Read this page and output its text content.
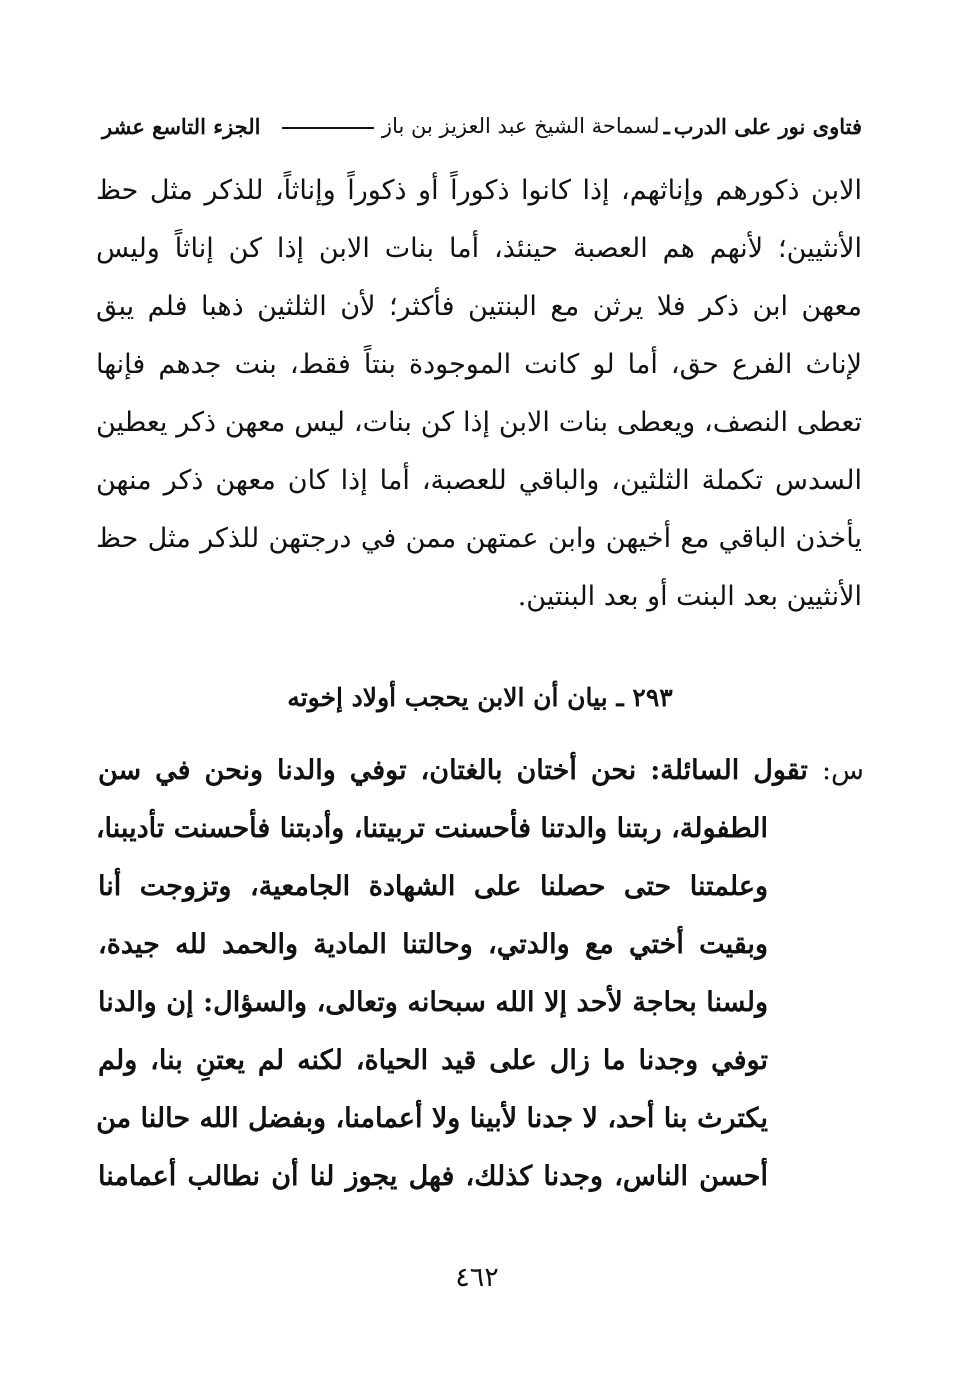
فتاوى نور على الدرب
ـ
لسماحة الشيخ عبد العزيز بن باز
الجزء التاسع عشر
الابن ذكورهم وإناثهم، إذا كانوا ذكوراً أو ذكوراً وإناثاً، للذكر مثل حظ
الأنثيين؛ لأنهم هم العصبة حينئذ، أما بنات الابن إذا كن إناثاً وليس
معهن ابن ذكر فلا يرثن مع البنتين فأكثر؛ لأن الثلثين ذهبا فلم يبق
لإناث الفرع حق، أما لو كانت الموجودة بنتاً فقط، بنت جدهم فإنها
تعطى النصف، ويعطى بنات الابن إذا كن بنات، ليس معهن ذكر يعطين
السدس تكملة الثلثين، والباقي للعصبة، أما إذا كان معهن ذكر منهن
يأخذن الباقي مع أخيهن وابن عمتهن ممن في درجتهن للذكر مثل حظ
الأنثيين بعد البنت أو بعد البنتين.
٢٩٣ ـ بيان أن الابن يحجب أولاد إخوته
س: تقول السائلة: نحن أختان بالغتان، توفي والدنا ونحن في سن
الطفولة، ربتنا والدتنا فأحسنت تربيتنا، وأدبتنا فأحسنت تأديبنا،
وعلمتنا حتى حصلنا على الشهادة الجامعية، وتزوجت أنا
وبقيت أختي مع والدتي، وحالتنا المادية والحمد لله جيدة،
ولسنا بحاجة لأحد إلا الله سبحانه وتعالى، والسؤال: إن والدنا
توفي وجدنا ما زال على قيد الحياة، لكنه لم يعتنِ بنا، ولم
يكترث بنا أحد، لا جدنا لأبينا ولا أعمامنا، وبفضل الله حالنا من
أحسن الناس، وجدنا كذلك، فهل يجوز لنا أن نطالب أعمامنا
٤٦٢
